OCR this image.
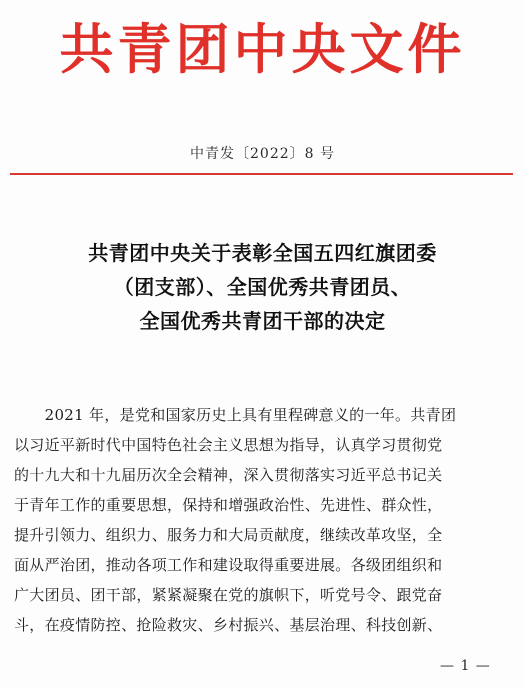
共青团中央文件
中青发〔2022〕8 号
共青团中央关于表彰全国五四红旗团委
（团支部）、全国优秀共青团员、
全国优秀共青团干部的决定
　　2021 年，是党和国家历史上具有里程碑意义的一年。共青团
以习近平新时代中国特色社会主义思想为指导，认真学习贯彻党
的十九大和十九届历次全会精神，深入贯彻落实习近平总书记关
于青年工作的重要思想，保持和增强政治性、先进性、群众性，
提升引领力、组织力、服务力和大局贡献度，继续改革攻坚，全
面从严治团，推动各项工作和建设取得重要进展。各级团组织和
广大团员、团干部，紧紧凝聚在党的旗帜下，听党号令、跟党奋
斗，在疫情防控、抢险救灾、乡村振兴、基层治理、科技创新、
— 1 —
